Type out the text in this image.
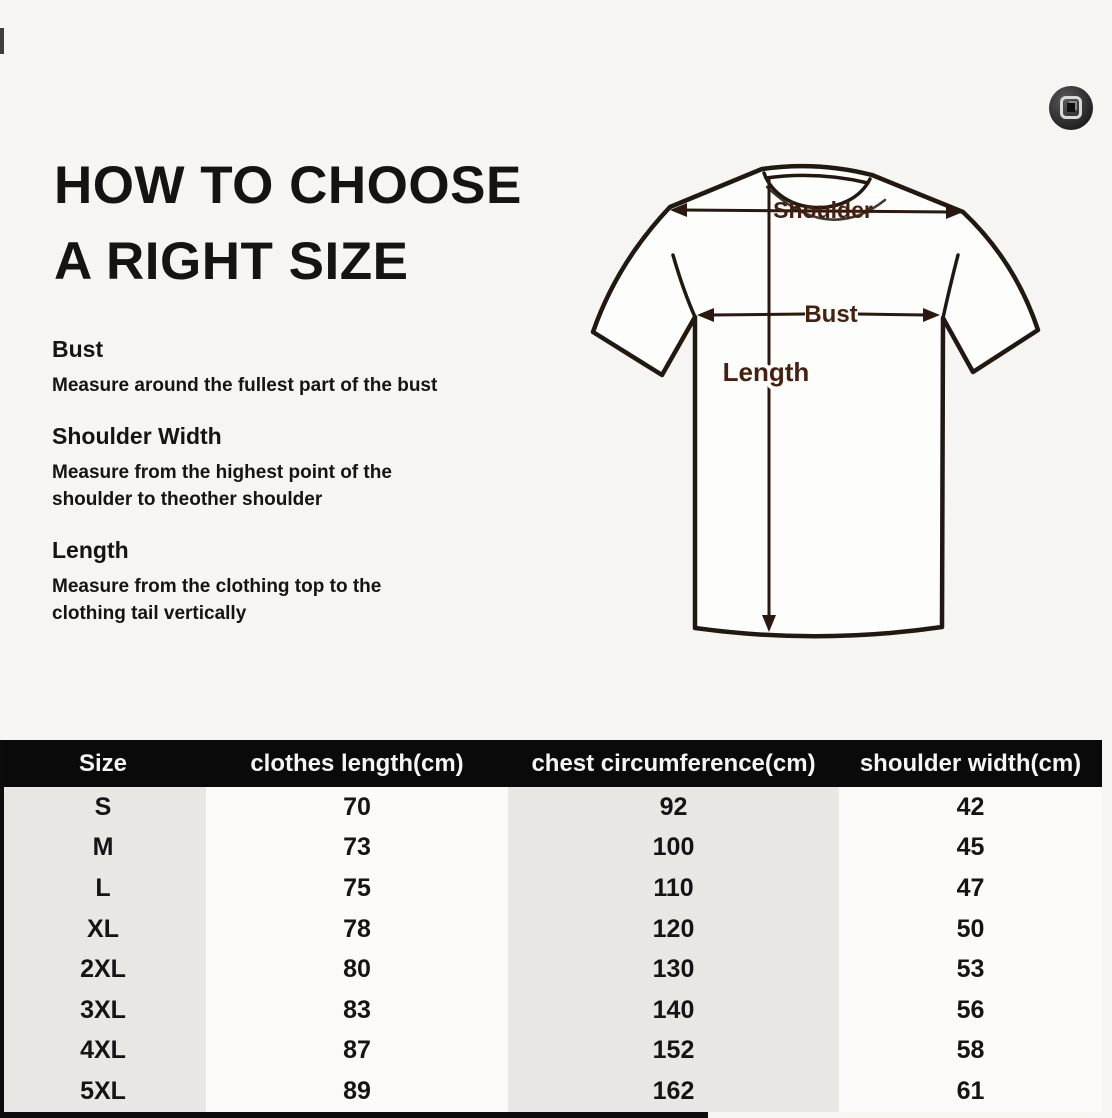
HOW TO CHOOSE
A RIGHT SIZE
Bust
Measure around the fullest part of the bust
Shoulder Width
Measure from the highest point of the
shoulder to theother shoulder
Length
Measure from the clothing top to the
clothing tail vertically
Shoulder
Bust
Length
Size	clothes length(cm)	chest circumference(cm)	shoulder width(cm)
S	70	92	42
M	73	100	45
L	75	110	47
XL	78	120	50
2XL	80	130	53
3XL	83	140	56
4XL	87	152	58
5XL	89	162	61
